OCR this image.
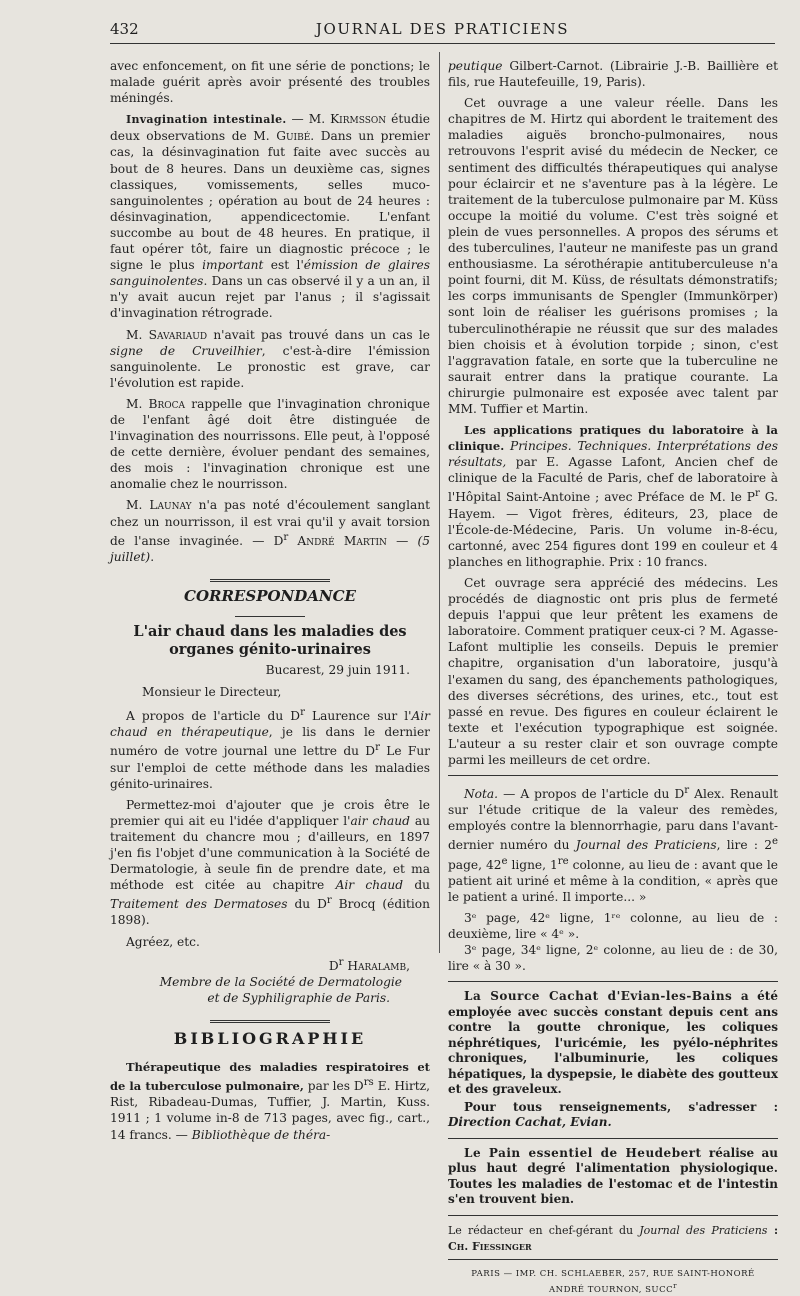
432	JOURNAL DES PRATICIENS

avec enfoncement, on fit une série de ponctions; le malade guérit après avoir présenté des troubles méningés.

Invagination intestinale. — M. Kirmsson étudie deux observations de M. Guibé. Dans un premier cas, la désinvagination fut faite avec succès au bout de 8 heures. Dans un deuxième cas, signes classiques, vomissements, selles muco-sanguinolentes ; opération au bout de 24 heures : désinvagination, appendicectomie. L'enfant succombe au bout de 48 heures. En pratique, il faut opérer tôt, faire un diagnostic précoce ; le signe le plus important est l'émission de glaires sanguinolentes. Dans un cas observé il y a un an, il n'y avait aucun rejet par l'anus ; il s'agissait d'invagination rétrograde.

M. Savariaud n'avait pas trouvé dans un cas le signe de Cruveilhier, c'est-à-dire l'émission sanguinolente. Le pronostic est grave, car l'évolution est rapide.

M. Broca rappelle que l'invagination chronique de l'enfant âgé doit être distinguée de l'invagination des nourrissons. Elle peut, à l'opposé de cette dernière, évoluer pendant des semaines, des mois : l'invagination chronique est une anomalie chez le nourrisson.

M. Launay n'a pas noté d'écoulement sanglant chez un nourrisson, il est vrai qu'il y avait torsion de l'anse invaginée. — $D^r$ André Martin — (5 juillet).

CORRESPONDANCE
L'air chaud dans les maladies des organes génito-urinaires

Bucarest, 29 juin 1911.

Monsieur le Directeur,

A propos de l'article du $D^r$ Laurence sur l'Air chaud en thérapeutique, je lis dans le dernier numéro de votre journal une lettre du $D^r$ Le Fur sur l'emploi de cette méthode dans les maladies génito-urinaires.

Permettez-moi d'ajouter que je crois être le premier qui ait eu l'idée d'appliquer l'air chaud au traitement du chancre mou ; d'ailleurs, en 1897 j'en fis l'objet d'une communication à la Société de Dermatologie, à seule fin de prendre date, et ma méthode est citée au chapitre Air chaud du Traitement des Dermatoses du $D^r$ Brocq (édition 1898).

Agréez, etc.

$D^r$ Haralamb,

Membre de la Société de Dermatologie

et de Syphiligraphie de Paris.

BIBLIOGRAPHIE

Thérapeutique des maladies respiratoires et de la tuberculose pulmonaire, par les $D^{rs}$ E. Hirtz, Rist, Ribadeau-Dumas, Tuffier, J. Martin, Kuss. 1911 ; 1 volume in-8 de 713 pages, avec fig., cart., 14 francs. — Bibliothèque de théra-

peutique Gilbert-Carnot. (Librairie J.-B. Baillière et fils, rue Hautefeuille, 19, Paris).

Cet ouvrage a une valeur réelle. Dans les chapitres de M. Hirtz qui abordent le traitement des maladies aiguës broncho-pulmonaires, nous retrouvons l'esprit avisé du médecin de Necker, ce sentiment des difficultés thérapeutiques qui analyse pour éclaircir et ne s'aventure pas à la légère. Le traitement de la tuberculose pulmonaire par M. Küss occupe la moitié du volume. C'est très soigné et plein de vues personnelles. A propos des sérums et des tuberculines, l'auteur ne manifeste pas un grand enthousiasme. La sérothérapie antituberculeuse n'a point fourni, dit M. Küss, de résultats démonstratifs; les corps immunisants de Spengler (Immunkörper) sont loin de réaliser les guérisons promises ; la tuberculinothérapie ne réussit que sur des malades bien choisis et à évolution torpide ; sinon, c'est l'aggravation fatale, en sorte que la tuberculine ne saurait entrer dans la pratique courante. La chirurgie pulmonaire est exposée avec talent par MM. Tuffier et Martin.

Les applications pratiques du laboratoire à la clinique. Principes. Techniques. Interprétations des résultats, par E. Agasse Lafont, Ancien chef de clinique de la Faculté de Paris, chef de laboratoire à l'Hôpital Saint-Antoine ; avec Préface de M. le $P^r$ G. Hayem. — Vigot frères, éditeurs, 23, place de l'École-de-Médecine, Paris. Un volume in-8-écu, cartonné, avec 254 figures dont 199 en couleur et 4 planches en lithographie. Prix : 10 francs.

Cet ouvrage sera apprécié des médecins. Les procédés de diagnostic ont pris plus de fermeté depuis l'appui que leur prêtent les examens de laboratoire. Comment pratiquer ceux-ci ? M. Agasse-Lafont multiplie les conseils. Depuis le premier chapitre, organisation d'un laboratoire, jusqu'à l'examen du sang, des épanchements pathologiques, des diverses sécrétions, des urines, etc., tout est passé en revue. Des figures en couleur éclairent le texte et l'exécution typographique est soignée. L'auteur a su rester clair et son ouvrage compte parmi les meilleurs de cet ordre.

Nota. — A propos de l'article du $D^r$ Alex. Renault sur l'étude critique de la valeur des remèdes, employés contre la blennorrhagie, paru dans l'avant-dernier numéro du Journal des Praticiens, lire : 2e page, 42e ligne, 1re colonne, au lieu de : avant que le patient ait uriné et même à la condition, « après que le patient a uriné. Il importe... »

3ᵉ page, 42ᵉ ligne, 1ʳᵉ colonne, au lieu de : deuxième, lire « 4ᵉ ».

3ᵉ page, 34ᵉ ligne, 2ᵉ colonne, au lieu de : de 30, lire « à 30 ».

La Source Cachat d'Evian-les-Bains a été employée avec succès constant depuis cent ans contre la goutte chronique, les coliques néphrétiques, l'uricémie, les pyélo-néphrites chroniques, l'albuminurie, les coliques hépatiques, la dyspepsie, le diabète des goutteux et des graveleux.

Pour tous renseignements, s'adresser : Direction Cachat, Evian.

Le Pain essentiel de Heudebert réalise au plus haut degré l'alimentation physiologique. Toutes les maladies de l'estomac et de l'intestin s'en trouvent bien.

Le rédacteur en chef-gérant du Journal des Praticiens : Ch. Fiessinger
PARIS — IMP. CH. SCHLAEBER, 257, RUE SAINT-HONORÉ
ANDRÉ TOURNON, SUCC$^r$
